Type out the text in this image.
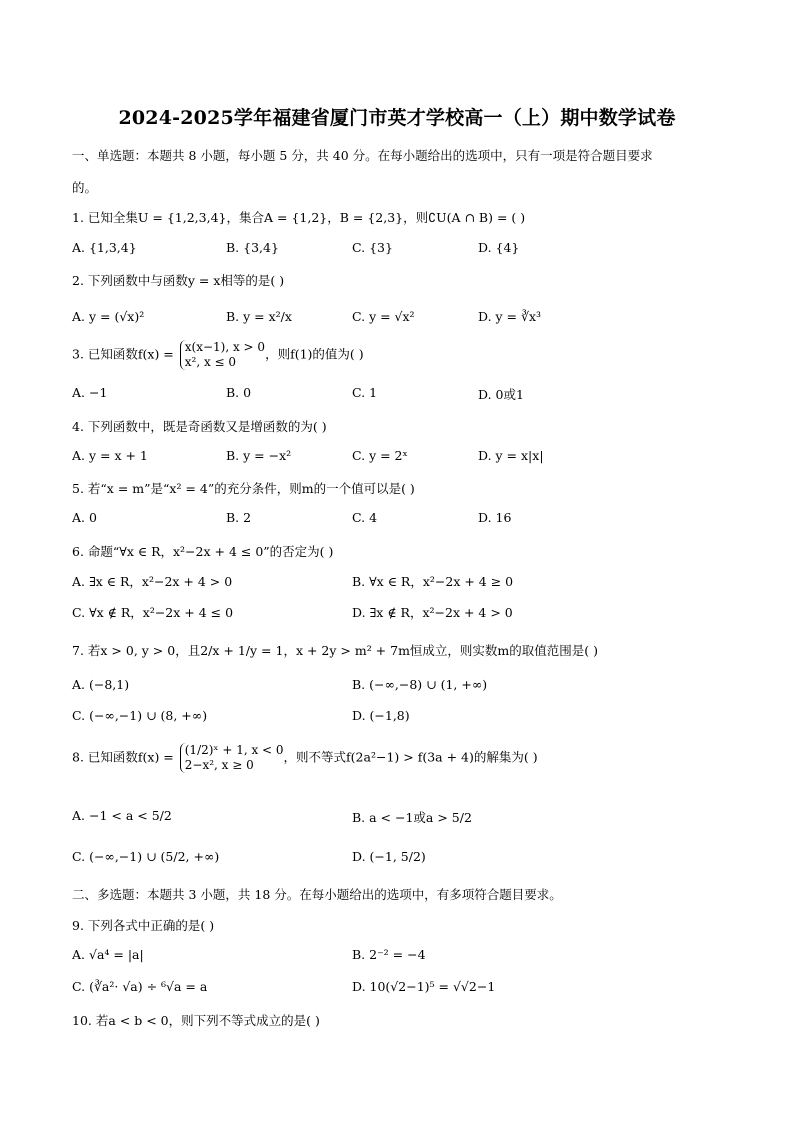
2024-2025学年福建省厦门市英才学校高一（上）期中数学试卷
一、单选题：本题共 8 小题，每小题 5 分，共 40 分。在每小题给出的选项中，只有一项是符合题目要求
的。
1. 已知全集U = {1,2,3,4}，集合A = {1,2}，B = {2,3}，则∁U(A ∩ B) = ( )
A. {1,3,4}	B. {3,4}	C. {3}	D. {4}
2. 下列函数中与函数y = x相等的是( )
A. y = (√x)²	B. y = x²/x	C. y = √x²	D. y = ∛x³
3. 已知函数f(x) = x(x−1), x > 0
x², x ≤ 0
，则f(1)的值为( )
A. −1	B. 0	C. 1	D. 0或1
4. 下列函数中，既是奇函数又是增函数的为( )
A. y = x + 1	B. y = −x²	C. y = 2ˣ	D. y = x|x|
5. 若“x = m”是“x² = 4”的充分条件，则m的一个值可以是( )
A. 0	B. 2	C. 4	D. 16
6. 命题“∀x ∈ R，x²−2x + 4 ≤ 0”的否定为( )
A. ∃x ∈ R，x²−2x + 4 > 0	B. ∀x ∈ R，x²−2x + 4 ≥ 0
C. ∀x ∉ R，x²−2x + 4 ≤ 0	D. ∃x ∉ R，x²−2x + 4 > 0
7. 若x > 0, y > 0，且2/x + 1/y = 1，x + 2y > m² + 7m恒成立，则实数m的取值范围是( )
A. (−8,1)	B. (−∞,−8) ∪ (1, +∞)
C. (−∞,−1) ∪ (8, +∞)	D. (−1,8)
8. 已知函数f(x) = (1/2)ˣ + 1, x < 0
2−x², x ≥ 0
，则不等式f(2a²−1) > f(3a + 4)的解集为( )
A. −1 < a < 5/2	B. a < −1或a > 5/2
C. (−∞,−1) ∪ (5/2, +∞)	D. (−1, 5/2)
二、多选题：本题共 3 小题，共 18 分。在每小题给出的选项中，有多项符合题目要求。
9. 下列各式中正确的是( )
A. √a⁴ = |a|	B. 2⁻² = −4
C. (∛a²· √a) ÷ ⁶√a = a	D. 10(√2−1)⁵ = √√2−1
10. 若a < b < 0，则下列不等式成立的是( )
